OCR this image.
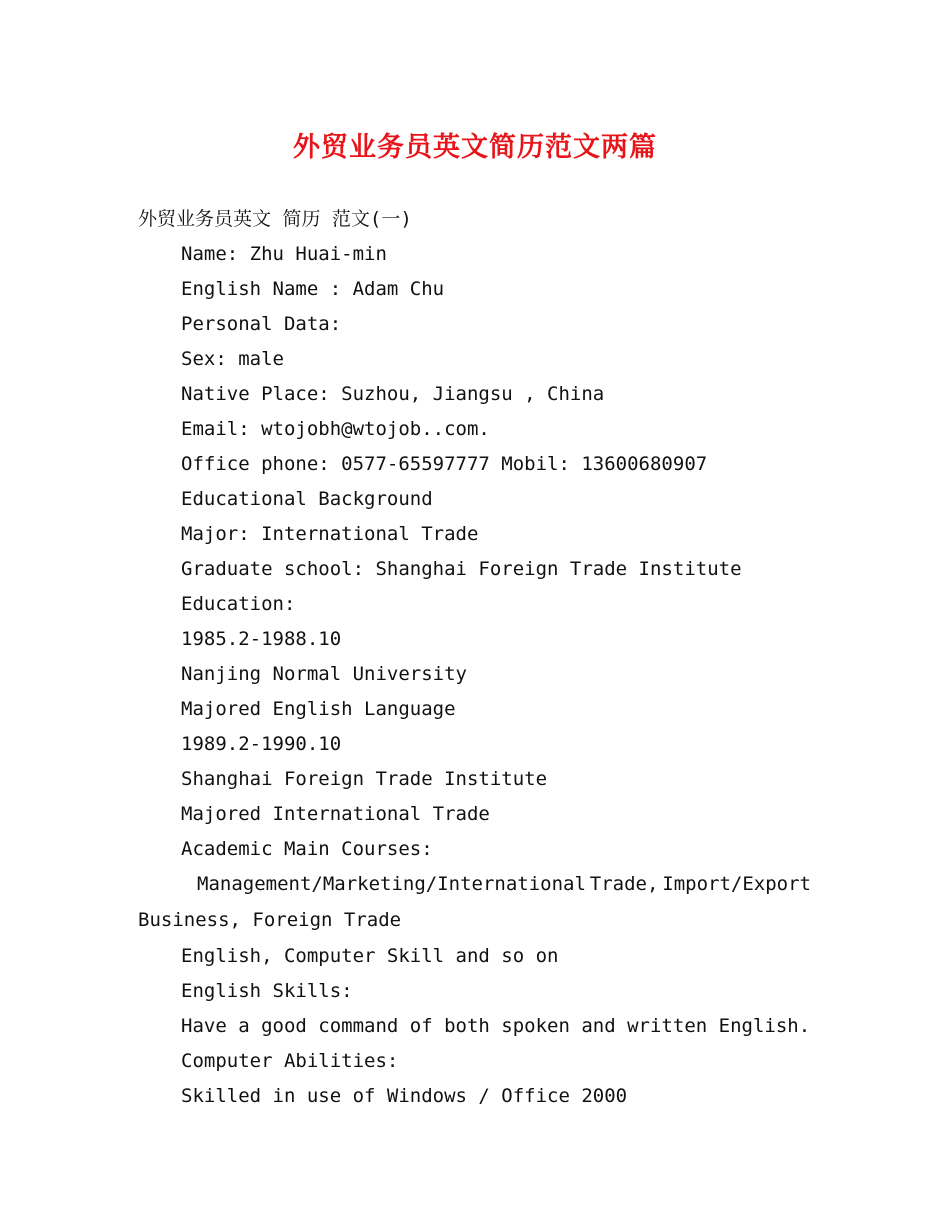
外贸业务员英文简历范文两篇
外贸业务员英文 简历 范文(一)
Name: Zhu Huai-min
English Name : Adam Chu
Personal Data:
Sex: male
Native Place: Suzhou, Jiangsu , China
Email: wtojobh@wtojob..com.
Office phone: 0577-65597777 Mobil: 13600680907
Educational Background
Major: International Trade
Graduate school: Shanghai Foreign Trade Institute
Education:
1985.2-1988.10
Nanjing Normal University
Majored English Language
1989.2-1990.10
Shanghai Foreign Trade Institute
Majored International Trade
Academic Main Courses:
Management/Marketing/International Trade, Import/Export
Business, Foreign Trade
English, Computer Skill and so on
English Skills:
Have a good command of both spoken and written English.
Computer Abilities:
Skilled in use of Windows / Office 2000
